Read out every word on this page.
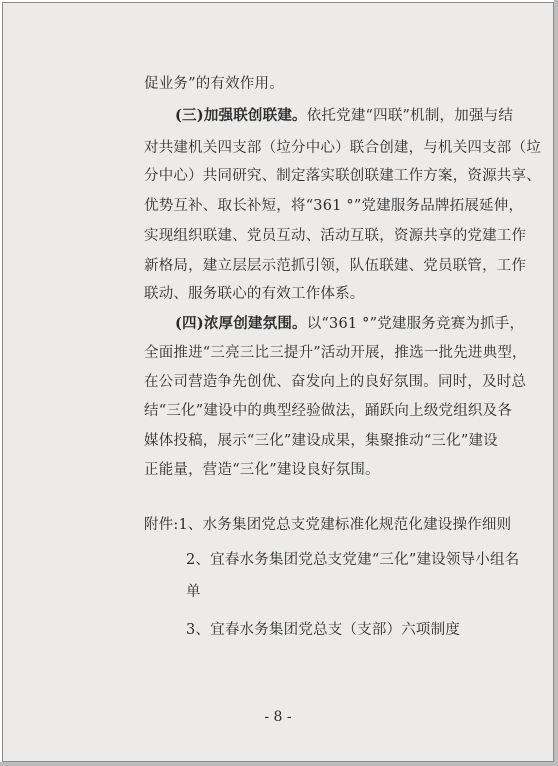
促业务”的有效作用。
(三)加强联创联建。依托党建“四联”机制，加强与结
对共建机关四支部（垃分中心）联合创建，与机关四支部（垃
分中心）共同研究、制定落实联创联建工作方案，资源共享、
优势互补、取长补短，将“361 °”党建服务品牌拓展延伸，
实现组织联建、党员互动、活动互联，资源共享的党建工作
新格局，建立层层示范抓引领，队伍联建、党员联管，工作
联动、服务联心的有效工作体系。
(四)浓厚创建氛围。以“361 °”党建服务竞赛为抓手，
全面推进“三亮三比三提升”活动开展，推选一批先进典型，
在公司营造争先创优、奋发向上的良好氛围。同时，及时总
结“三化”建设中的典型经验做法，踊跃向上级党组织及各
媒体投稿，展示“三化”建设成果，集聚推动“三化”建设
正能量，营造“三化”建设良好氛围。
附件:1、水务集团党总支党建标准化规范化建设操作细则
2、宜春水务集团党总支党建“三化”建设领导小组名
单
3、宜春水务集团党总支（支部）六项制度
- 8 -
